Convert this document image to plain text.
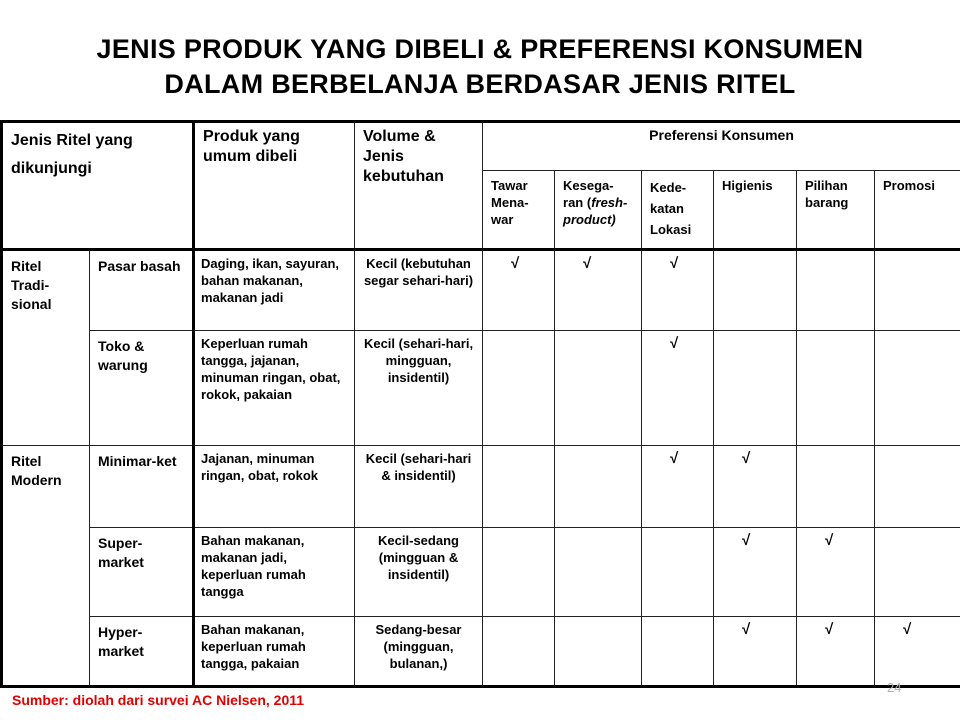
JENIS PRODUK YANG DIBELI & PREFERENSI KONSUMEN
DALAM BERBELANJA BERDASAR JENIS RITEL
Jenis Ritel yang dikunjungi		Produk yang umum dibeli	Volume & Jenis kebutuhan	Preferensi Konsumen					
				Tawar Mena-war	Kesega-ran (fresh-product)	Kede-katan Lokasi	Higienis	Pilihan barang	Promosi
Ritel Tradi-sional	Pasar basah	Daging, ikan, sayuran, bahan makanan, makanan jadi	Kecil (kebutuhan segar sehari-hari)	√	√	√			
	Toko & warung	Keperluan rumah tangga, jajanan, minuman ringan, obat, rokok, pakaian	Kecil (sehari-hari, mingguan, insidentil)			√			
Ritel Modern	Minimar-ket	Jajanan, minuman ringan, obat, rokok	Kecil (sehari-hari & insidentil)			√	√		
	Super-market	Bahan makanan, makanan jadi, keperluan rumah tangga	Kecil-sedang (mingguan & insidentil)				√	√	
	Hyper-market	Bahan makanan, keperluan rumah tangga, pakaian	Sedang-besar (mingguan, bulanan,)				√	√	√
Sumber: diolah dari survei AC Nielsen, 2011
24
